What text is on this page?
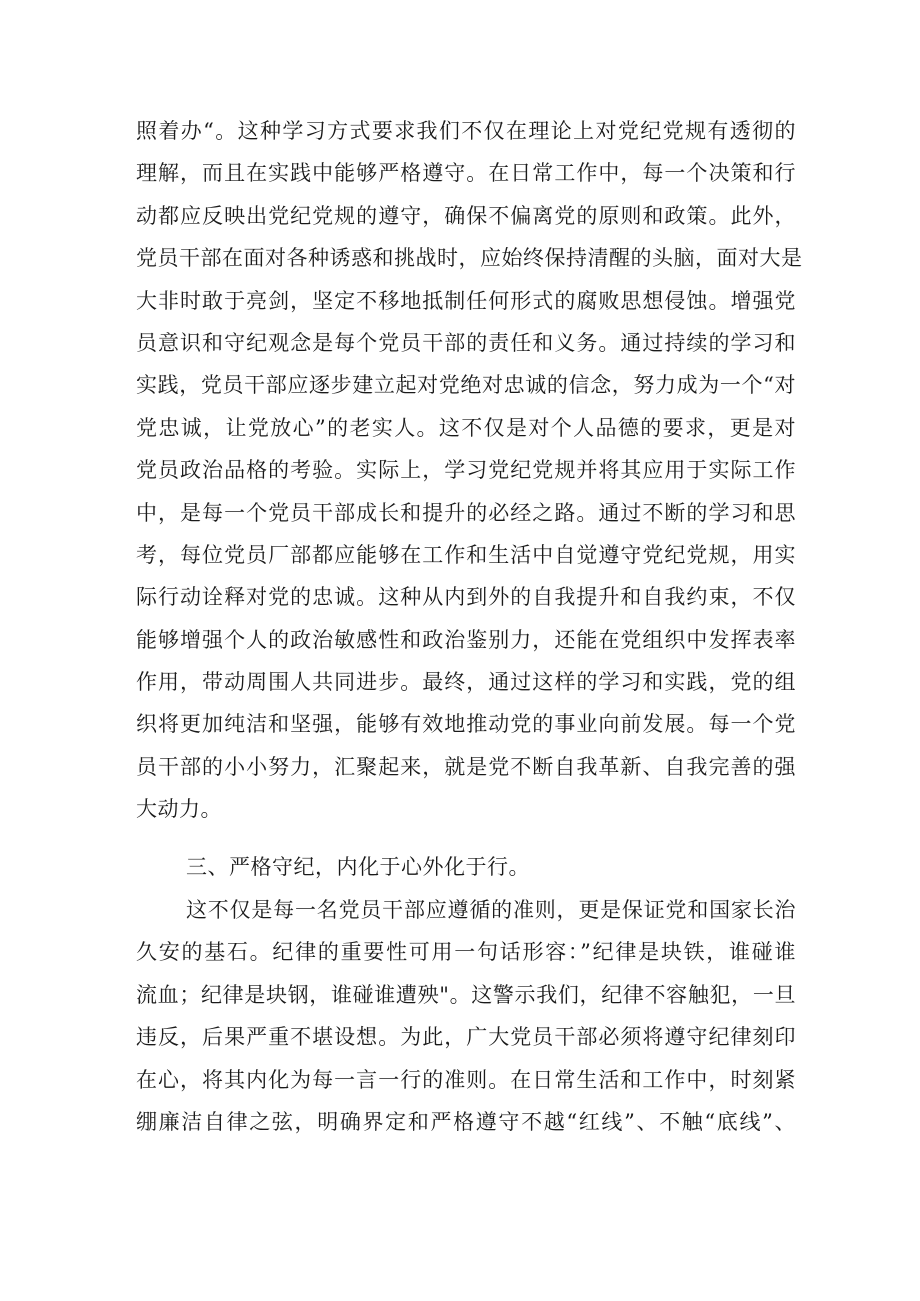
照着办“。这种学习方式要求我们不仅在理论上对党纪党规有透彻的
理解，而且在实践中能够严格遵守。在日常工作中，每一个决策和行
动都应反映出党纪党规的遵守，确保不偏离党的原则和政策。此外，
党员干部在面对各种诱惑和挑战时，应始终保持清醒的头脑，面对大是
大非时敢于亮剑，坚定不移地抵制任何形式的腐败思想侵蚀。增强党
员意识和守纪观念是每个党员干部的责任和义务。通过持续的学习和
实践，党员干部应逐步建立起对党绝对忠诚的信念，努力成为一个“对
党忠诚，让党放心”的老实人。这不仅是对个人品德的要求，更是对
党员政治品格的考验。实际上，学习党纪党规并将其应用于实际工作
中，是每一个党员干部成长和提升的必经之路。通过不断的学习和思
考，每位党员厂部都应能够在工作和生活中自觉遵守党纪党规，用实
际行动诠释对党的忠诚。这种从内到外的自我提升和自我约束，不仅
能够增强个人的政治敏感性和政治鉴别力，还能在党组织中发挥表率
作用，带动周围人共同进步。最终，通过这样的学习和实践，党的组
织将更加纯洁和坚强，能够有效地推动党的事业向前发展。每一个党
员干部的小小努力，汇聚起来，就是党不断自我革新、自我完善的强
大动力。
三、严格守纪，内化于心外化于行。
这不仅是每一名党员干部应遵循的准则，更是保证党和国家长治
久安的基石。纪律的重要性可用一句话形容：”纪律是块铁，谁碰谁
流血；纪律是块钢，谁碰谁遭殃"。这警示我们，纪律不容触犯，一旦
违反，后果严重不堪设想。为此，广大党员干部必须将遵守纪律刻印
在心，将其内化为每一言一行的准则。在日常生活和工作中，时刻紧
绷廉洁自律之弦，明确界定和严格遵守不越“红线”、不触“底线”、
